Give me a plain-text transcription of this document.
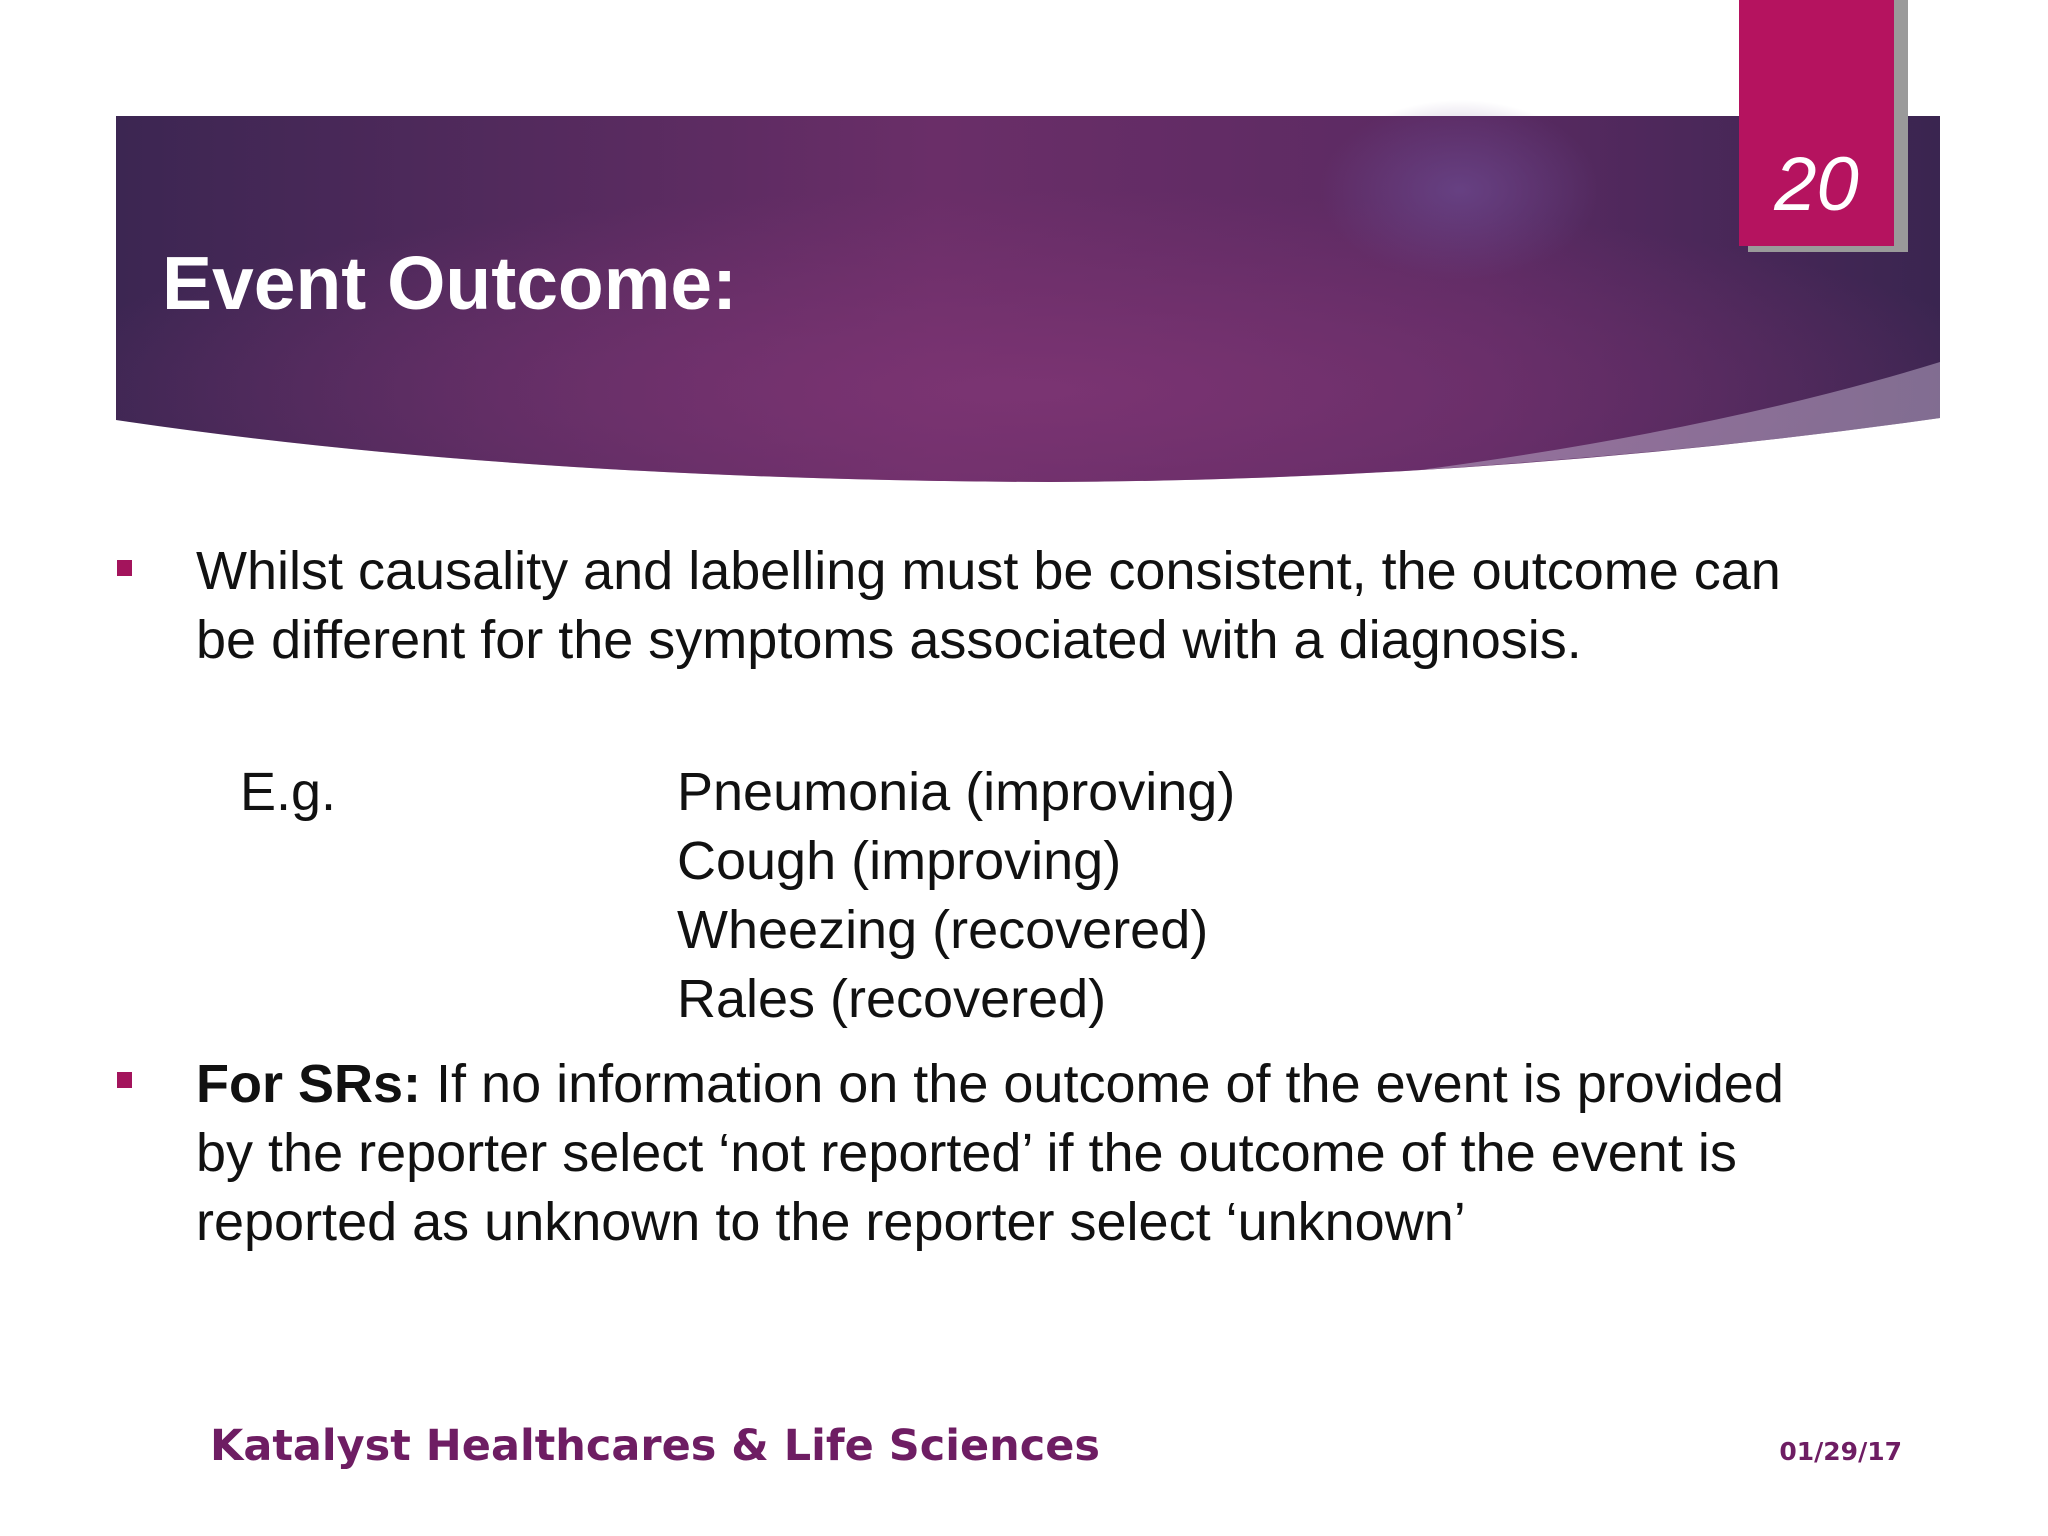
Event Outcome:
20

Whilst causality and labelling must be consistent, the outcome can

be different for the symptoms associated with a diagnosis.

E.g.	Pneumonia (improving)
Cough (improving)
Wheezing (recovered)
Rales (recovered)

For SRs: If no information on the outcome of the event is provided

by the reporter select ‘not reported’ if the outcome of the event is

reported as unknown to the reporter select ‘unknown’

Katalyst Healthcares & Life Sciences	01/29/17
